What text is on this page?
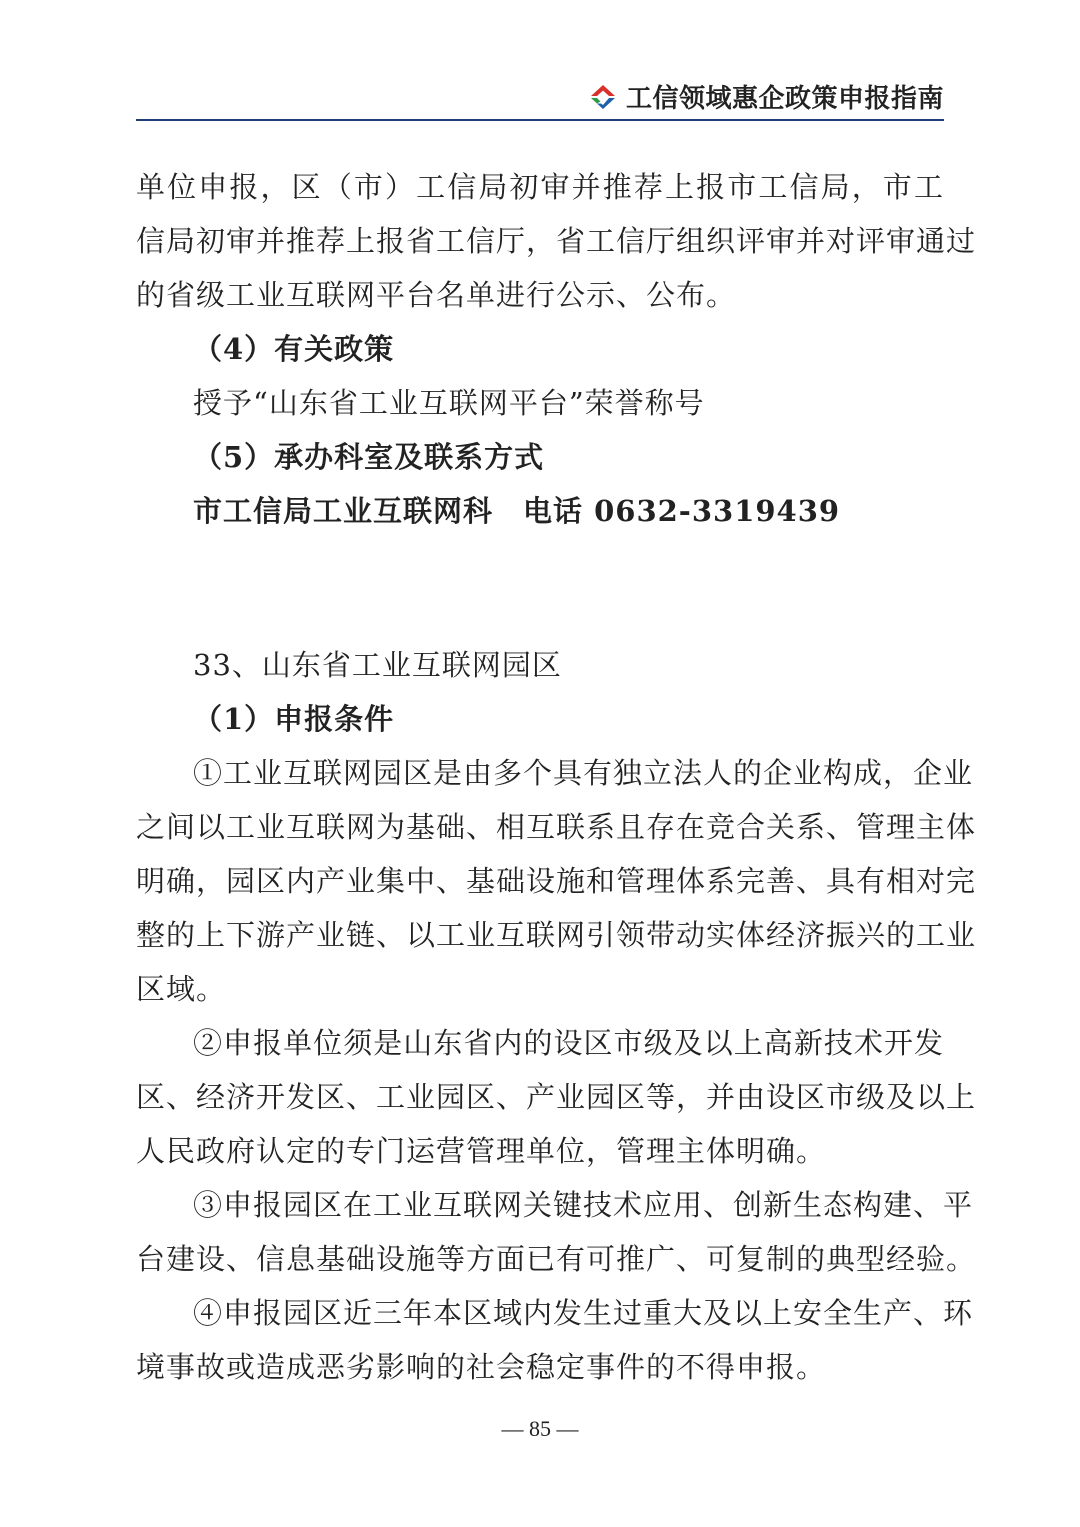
工信领域惠企政策申报指南
单位申报，区（市）工信局初审并推荐上报市工信局，市工
信局初审并推荐上报省工信厅，省工信厅组织评审并对评审通过
的省级工业互联网平台名单进行公示、公布。
（4）有关政策
授予“山东省工业互联网平台”荣誉称号
（5）承办科室及联系方式
市工信局工业互联网科　电话 0632-3319439
33、山东省工业互联网园区
（1）申报条件
①工业互联网园区是由多个具有独立法人的企业构成，企业
之间以工业互联网为基础、相互联系且存在竞合关系、管理主体
明确，园区内产业集中、基础设施和管理体系完善、具有相对完
整的上下游产业链、以工业互联网引领带动实体经济振兴的工业
区域。
②申报单位须是山东省内的设区市级及以上高新技术开发
区、经济开发区、工业园区、产业园区等，并由设区市级及以上
人民政府认定的专门运营管理单位，管理主体明确。
③申报园区在工业互联网关键技术应用、创新生态构建、平
台建设、信息基础设施等方面已有可推广、可复制的典型经验。
④申报园区近三年本区域内发生过重大及以上安全生产、环
境事故或造成恶劣影响的社会稳定事件的不得申报。
— 85 —
